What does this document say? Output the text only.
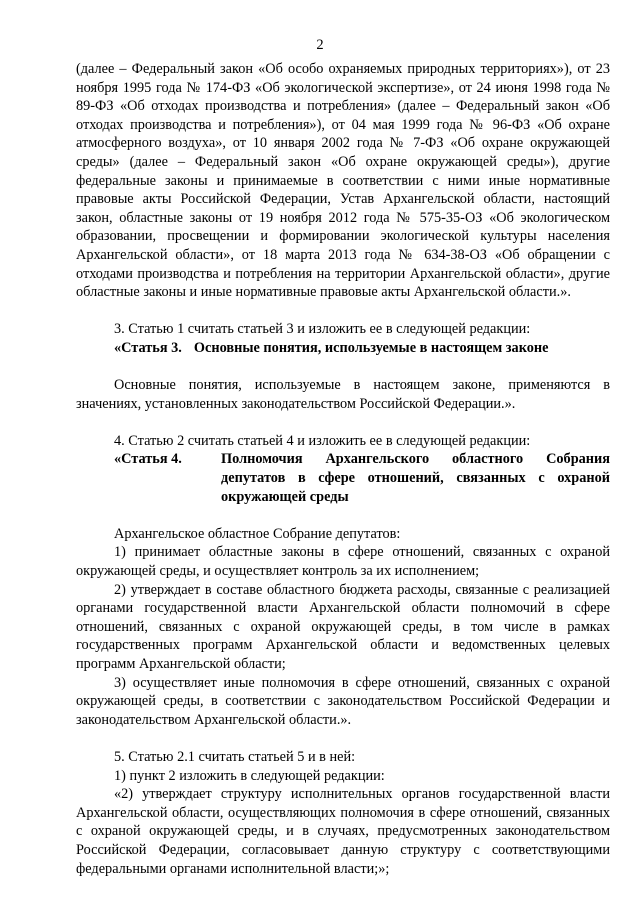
2

(далее – Федеральный закон «Об особо охраняемых природных территориях»), от 23 ноября 1995 года № 174-ФЗ «Об экологической экспертизе», от 24 июня 1998 года № 89-ФЗ «Об отходах производства и потребления» (далее – Федеральный закон «Об отходах производства и потребления»), от 04 мая 1999 года № 96-ФЗ «Об охране атмосферного воздуха», от 10 января 2002 года № 7-ФЗ «Об охране окружающей среды» (далее – Федеральный закон «Об охране окружающей среды»), другие федеральные законы и принимаемые в соответствии с ними иные нормативные правовые акты Российской Федерации, Устав Архангельской области, настоящий закон, областные законы от 19 ноября 2012 года № 575-35-ОЗ «Об экологическом образовании, просвещении и формировании экологической культуры населения Архангельской области», от 18 марта 2013 года № 634-38-ОЗ «Об обращении с отходами производства и потребления на территории Архангельской области», другие областные законы и иные нормативные правовые акты Архангельской области.».

3. Статью 1 считать статьей 3 и изложить ее в следующей редакции:

«Статья 3. Основные понятия, используемые в настоящем законе

Основные понятия, используемые в настоящем законе, применяются в значениях, установленных законодательством Российской Федерации.».

4. Статью 2 считать статьей 4 и изложить ее в следующей редакции:

«Статья 4.	Полномочия Архангельского областного Собрания депутатов в сфере отношений, связанных с охраной окружающей среды

Архангельское областное Собрание депутатов:

1) принимает областные законы в сфере отношений, связанных с охраной окружающей среды, и осуществляет контроль за их исполнением;

2) утверждает в составе областного бюджета расходы, связанные с реализацией органами государственной власти Архангельской области полномочий в сфере отношений, связанных с охраной окружающей среды, в том числе в рамках государственных программ Архангельской области и ведомственных целевых программ Архангельской области;

3) осуществляет иные полномочия в сфере отношений, связанных с охраной окружающей среды, в соответствии с законодательством Российской Федерации и законодательством Архангельской области.».

5. Статью 2.1 считать статьей 5 и в ней:

1) пункт 2 изложить в следующей редакции:

«2) утверждает структуру исполнительных органов государственной власти Архангельской области, осуществляющих полномочия в сфере отношений, связанных с охраной окружающей среды, и в случаях, предусмотренных законодательством Российской Федерации, согласовывает данную структуру с соответствующими федеральными органами исполнительной власти;»;
